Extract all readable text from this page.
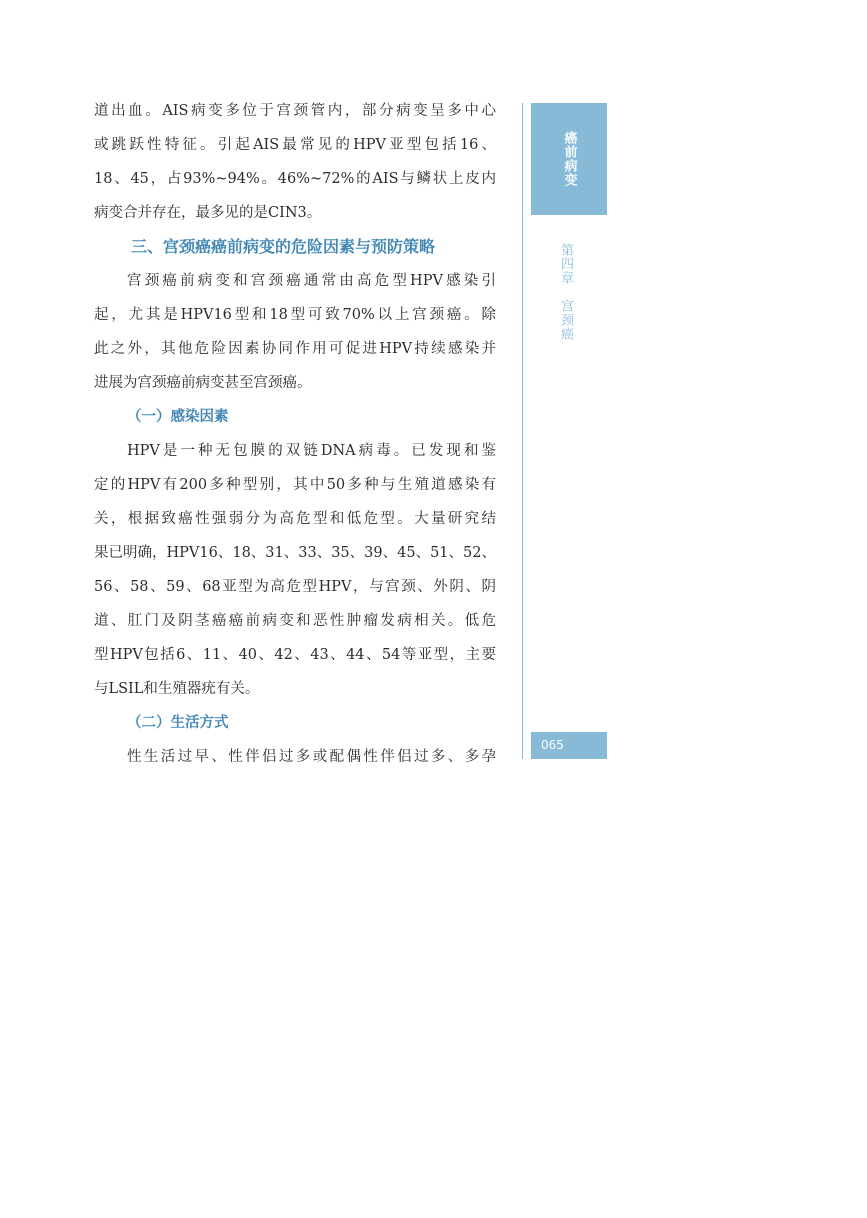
道出血。AIS病变多位于宫颈管内，部分病变呈多中心
或跳跃性特征。引起AIS最常见的HPV亚型包括16、
18、45，占93%~94%。46%~72%的AIS与鳞状上皮内
病变合并存在，最多见的是CIN3。
三、宫颈癌癌前病变的危险因素与预防策略
宫颈癌前病变和宫颈癌通常由高危型HPV感染引
起，尤其是HPV16型和18型可致70%以上宫颈癌。除
此之外，其他危险因素协同作用可促进HPV持续感染并
进展为宫颈癌前病变甚至宫颈癌。
（一）感染因素
HPV是一种无包膜的双链DNA病毒。已发现和鉴
定的HPV有200多种型别，其中50多种与生殖道感染有
关，根据致癌性强弱分为高危型和低危型。大量研究结
果已明确，HPV16、18、31、33、35、39、45、51、52、
56、58、59、68亚型为高危型HPV，与宫颈、外阴、阴
道、肛门及阴茎癌癌前病变和恶性肿瘤发病相关。低危
型HPV包括6、11、40、42、43、44、54等亚型，主要
与LSIL和生殖器疣有关。
（二）生活方式
性生活过早、性伴侣过多或配偶性伴侣过多、多孕
癌前病变
第四章　宫颈癌
065
